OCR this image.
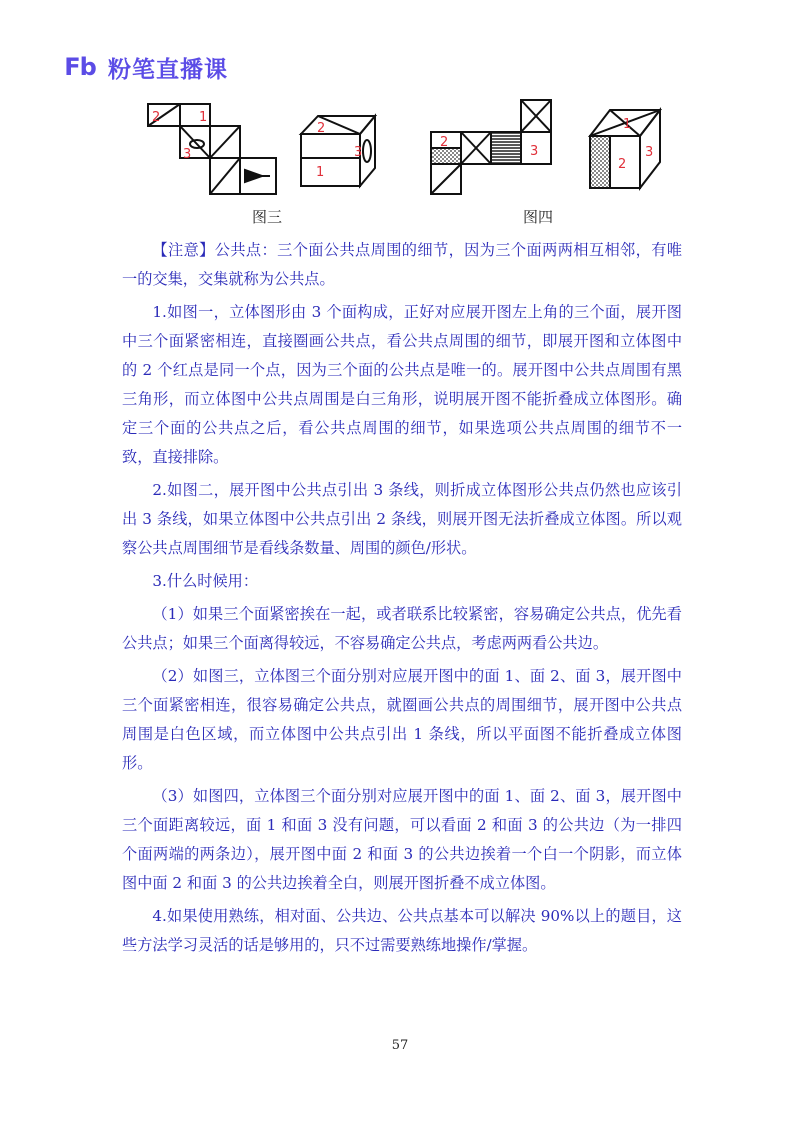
Fb 粉笔直播课
2	1
3
2
1
3
2
3
1
2
3
图三	图四

【注意】公共点：三个面公共点周围的细节，因为三个面两两相互相邻，有唯一的交集，交集就称为公共点。

1.如图一，立体图形由 3 个面构成，正好对应展开图左上角的三个面，展开图中三个面紧密相连，直接圈画公共点，看公共点周围的细节，即展开图和立体图中的 2 个红点是同一个点，因为三个面的公共点是唯一的。展开图中公共点周围有黑三角形，而立体图中公共点周围是白三角形，说明展开图不能折叠成立体图形。确定三个面的公共点之后，看公共点周围的细节，如果选项公共点周围的细节不一致，直接排除。

2.如图二，展开图中公共点引出 3 条线，则折成立体图形公共点仍然也应该引出 3 条线，如果立体图中公共点引出 2 条线，则展开图无法折叠成立体图。所以观察公共点周围细节是看线条数量、周围的颜色/形状。

3.什么时候用：

（1）如果三个面紧密挨在一起，或者联系比较紧密，容易确定公共点，优先看公共点；如果三个面离得较远，不容易确定公共点，考虑两两看公共边。

（2）如图三，立体图三个面分别对应展开图中的面 1、面 2、面 3，展开图中三个面紧密相连，很容易确定公共点，就圈画公共点的周围细节，展开图中公共点周围是白色区域，而立体图中公共点引出 1 条线，所以平面图不能折叠成立体图形。

（3）如图四，立体图三个面分别对应展开图中的面 1、面 2、面 3，展开图中三个面距离较远，面 1 和面 3 没有问题，可以看面 2 和面 3 的公共边（为一排四个面两端的两条边），展开图中面 2 和面 3 的公共边挨着一个白一个阴影，而立体图中面 2 和面 3 的公共边挨着全白，则展开图折叠不成立体图。

4.如果使用熟练，相对面、公共边、公共点基本可以解决 90%以上的题目，这些方法学习灵活的话是够用的，只不过需要熟练地操作/掌握。

57
